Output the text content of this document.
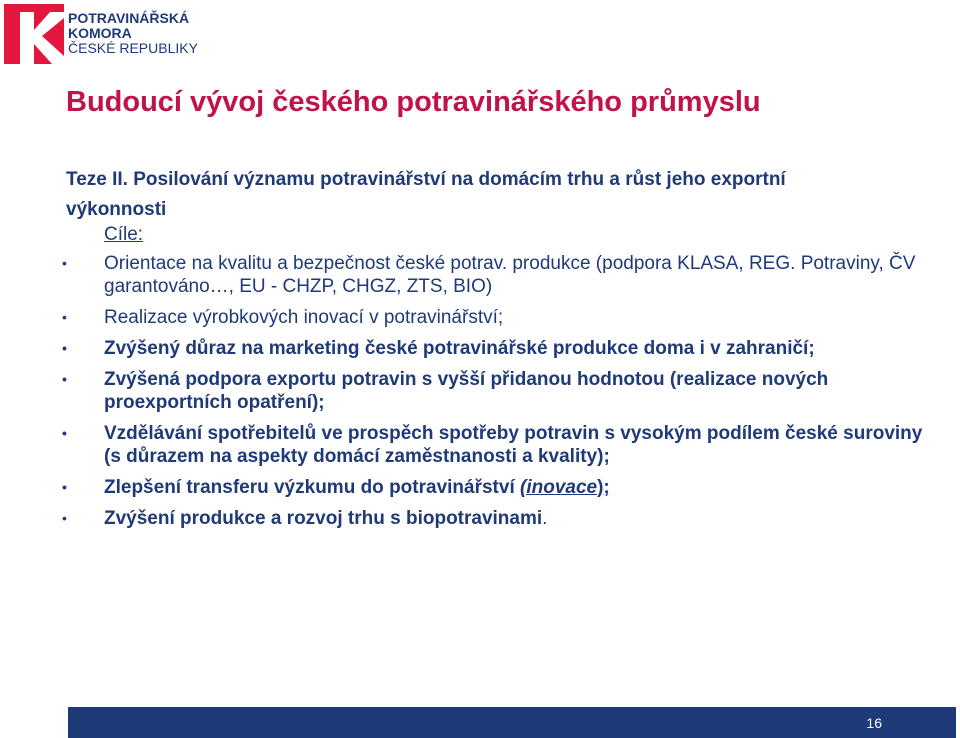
POTRAVINÁŘSKÁ
KOMORA
ČESKÉ REPUBLIKY
Budoucí vývoj českého potravinářského průmyslu
Teze II. Posilování významu potravinářství na domácím trhu a růst jeho exportní výkonnosti
Cíle:
• Orientace na kvalitu a bezpečnost české potrav. produkce (podpora KLASA, REG. Potraviny, ČV garantováno…, EU - CHZP, CHGZ, ZTS, BIO)
• Realizace výrobkových inovací v potravinářství;
• Zvýšený důraz na marketing české potravinářské produkce doma i v zahraničí;
• Zvýšená podpora exportu potravin s vyšší přidanou hodnotou (realizace nových proexportních opatření);
• Vzdělávání spotřebitelů ve prospěch spotřeby potravin s vysokým podílem české suroviny (s důrazem na aspekty domácí zaměstnanosti a kvality);
• Zlepšení transferu výzkumu do potravinářství (inovace);
• Zvýšení produkce a rozvoj trhu s biopotravinami.
16
